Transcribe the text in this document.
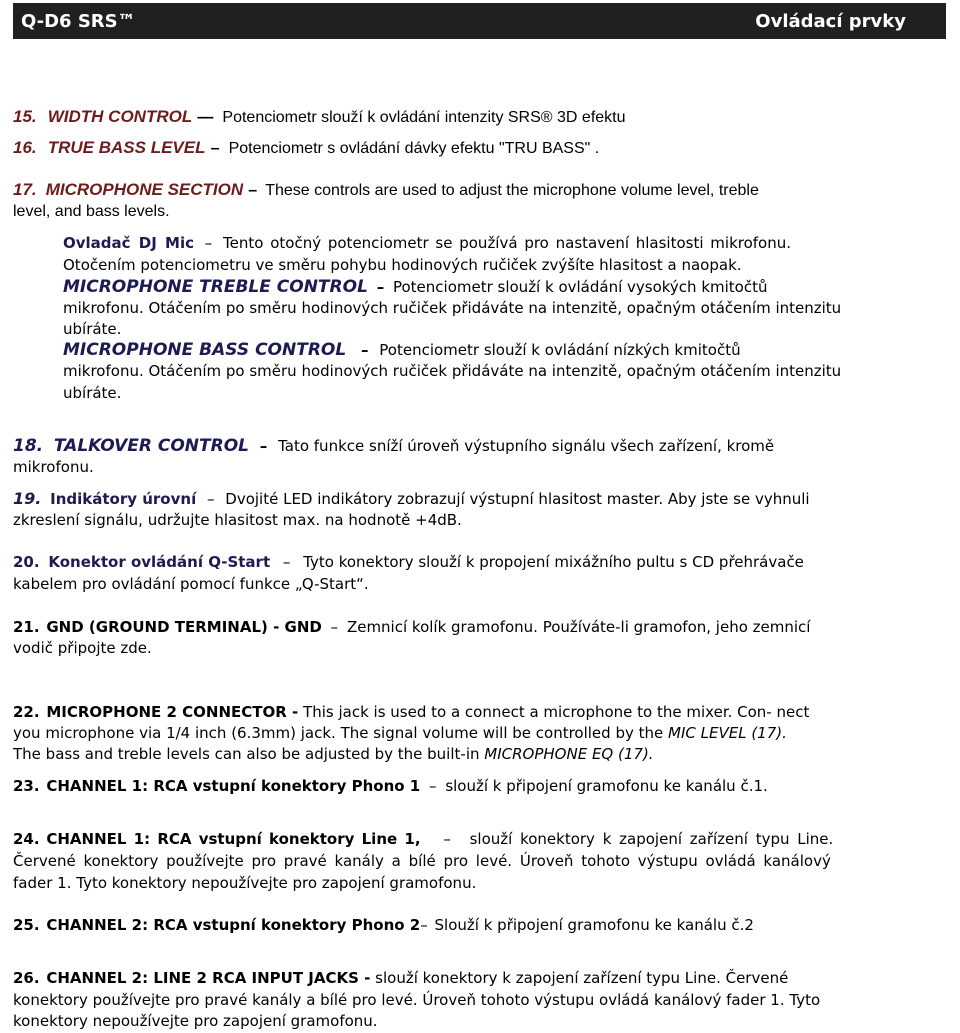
Q-D6 SRS™	Ovládací prvky
15. WIDTH CONTROL — Potenciometr slouží k ovládání intenzity SRS® 3D efektu
16. TRUE BASS LEVEL – Potenciometr s ovládání dávky efektu "TRU BASS" .
17. MICROPHONE SECTION – These controls are used to adjust the microphone volume level, treble
level, and bass levels.
Ovladač DJ Mic – Tento otočný potenciometr se používá pro nastavení hlasitosti mikrofonu.
Otočením potenciometru ve směru pohybu hodinových ručiček zvýšíte hlasitost a naopak.
MICROPHONE TREBLE CONTROL – Potenciometr slouží k ovládání vysokých kmitočtů
mikrofonu. Otáčením po směru hodinových ručiček přidáváte na intenzitě, opačným otáčením intenzitu
ubíráte.
MICROPHONE BASS CONTROL – Potenciometr slouží k ovládání nízkých kmitočtů
mikrofonu. Otáčením po směru hodinových ručiček přidáváte na intenzitě, opačným otáčením intenzitu
ubíráte.
18. TALKOVER CONTROL – Tato funkce sníží úroveň výstupního signálu všech zařízení, kromě
mikrofonu.
19. Indikátory úrovní – Dvojité LED indikátory zobrazují výstupní hlasitost master. Aby jste se vyhnuli
zkreslení signálu, udržujte hlasitost max. na hodnotě +4dB.
20. Konektor ovládání Q-Start – Tyto konektory slouží k propojení mixážního pultu s CD přehrávače
kabelem pro ovládání pomocí funkce „Q-Start“.
21. GND (GROUND TERMINAL) - GND – Zemnicí kolík gramofonu. Používáte-li gramofon, jeho zemnicí
vodič připojte zde.
22. MICROPHONE 2 CONNECTOR - This jack is used to a connect a microphone to the mixer. Con- nect
you microphone via 1/4 inch (6.3mm) jack. The signal volume will be controlled by the MIC LEVEL (17).
The bass and treble levels can also be adjusted by the built-in MICROPHONE EQ (17).
23. CHANNEL 1: RCA vstupní konektory Phono 1 – slouží k připojení gramofonu ke kanálu č.1.
24. CHANNEL 1: RCA vstupní konektory Line 1, – slouží konektory k zapojení zařízení typu Line.
Červené konektory používejte pro pravé kanály a bílé pro levé. Úroveň tohoto výstupu ovládá kanálový
fader 1. Tyto konektory nepoužívejte pro zapojení gramofonu.
25. CHANNEL 2: RCA vstupní konektory Phono 2– Slouží k připojení gramofonu ke kanálu č.2
26. CHANNEL 2: LINE 2 RCA INPUT JACKS - slouží konektory k zapojení zařízení typu Line. Červené
konektory používejte pro pravé kanály a bílé pro levé. Úroveň tohoto výstupu ovládá kanálový fader 1. Tyto
konektory nepoužívejte pro zapojení gramofonu.
